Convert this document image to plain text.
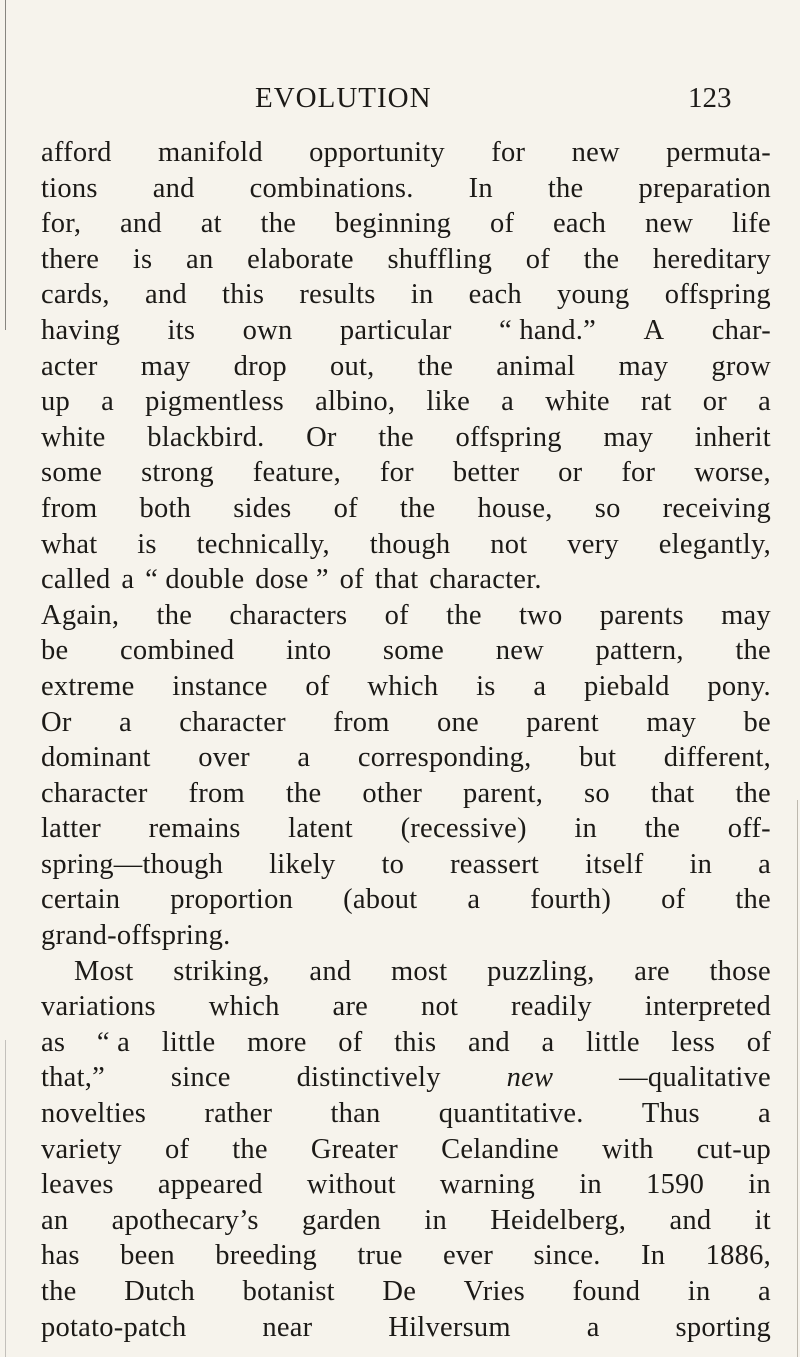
EVOLUTION	123
afford manifold opportunity for new permuta-
tions and combinations. In the preparation
for, and at the beginning of each new life
there is an elaborate shuffling of the hereditary
cards, and this results in each young offspring
having its own particular “ hand.” A char-
acter may drop out, the animal may grow
up a pigmentless albino, like a white rat or a
white blackbird. Or the offspring may inherit
some strong feature, for better or for worse,
from both sides of the house, so receiving
what is technically, though not very elegantly,
called a “ double dose ” of that character.
Again, the characters of the two parents may
be combined into some new pattern, the
extreme instance of which is a piebald pony.
Or a character from one parent may be
dominant over a corresponding, but different,
character from the other parent, so that the
latter remains latent (recessive) in the off-
spring—though likely to reassert itself in a
certain proportion (about a fourth) of the
grand-offspring.
Most striking, and most puzzling, are those
variations which are not readily interpreted
as “ a little more of this and a little less of
that,” since distinctively new —qualitative
novelties rather than quantitative. Thus a
variety of the Greater Celandine with cut-up
leaves appeared without warning in 1590 in
an apothecary’s garden in Heidelberg, and it
has been breeding true ever since. In 1886,
the Dutch botanist De Vries found in a
potato-patch	near	Hilversum	a	sporting
